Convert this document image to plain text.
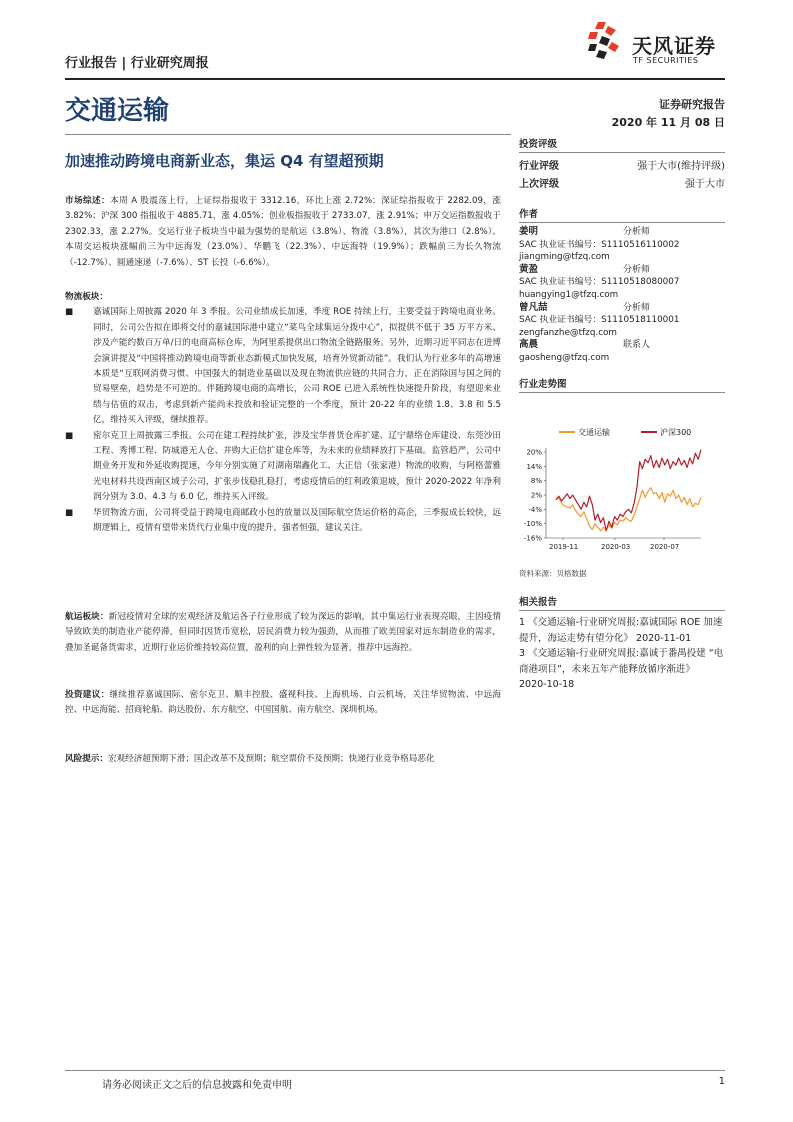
行业报告 | 行业研究周报
天风证券
TF SECURITIES
交通运输	证券研究报告
2020 年 11 月 08 日
加速推动跨境电商新业态，集运 Q4 有望超预期
市场综述：本周 A 股震荡上行，上证综指报收于 3312.16，环比上涨 2.72%；深证综指报收于 2282.09，涨 3.82%；沪深 300 指报收于 4885.71，涨 4.05%；创业板指报收于 2733.07，涨 2.91%；申万交运指数报收于 2302.33，涨 2.27%。交运行业子板块当中最为强势的是航运（3.8%）、物流（3.8%），其次为港口（2.8%）。本周交运板块涨幅前三为中远海发（23.0%）、华鹏飞（22.3%）、中远海特（19.9%）；跌幅前三为长久物流（-12.7%）、圆通速递（-7.6%）、ST 长投（-6.6%）。
物流板块：
■ 嘉诚国际上周披露 2020 年 3 季报。公司业绩成长加速，季度 ROE 持续上行，主要受益于跨境电商业务。同时，公司公告拟在即将交付的嘉诚国际港中建立“菜鸟全球集运分拨中心”，拟提供不低于 35 万平方米、涉及产能约数百万单/日的电商高标仓库，为阿里系提供出口物流全链路服务。另外，近期习近平同志在进博会演讲提及“中国将推动跨境电商等新业态新模式加快发展，培育外贸新动能”。我们认为行业多年的高增速本质是“互联网消费习惯、中国强大的制造业基础以及现在物流供应链的共同合力，正在消除国与国之间的贸易壁垒，趋势是不可逆的。伴随跨境电商的高增长，公司 ROE 已进入系统性快速提升阶段，有望迎来业绩与估值的双击，考虑到新产能尚未投放和验证完整的一个季度，预计 20-22 年的业绩 1.8、3.8 和 5.5 亿，维持买入评级，继续推荐。
■ 密尔克卫上周披露三季报。公司在建工程持续扩张，涉及宝华普货仓库扩建、辽宁鼎络仓库建设、东莞沙田工程、秀博工程、防城港无人仓、并购大正信扩建仓库等，为未来的业绩释放打下基础。监管趋严，公司中期业务开发和外延收购提速，今年分别实施了对湖南瑞鑫化工、大正信（张家港）物流的收购，与阿格蕾雅光电材料共设西南区域子公司，扩张步伐稳扎稳打，考虑疫情后的红利政策退坡，预计 2020-2022 年净利润分别为 3.0、4.3 与 6.0 亿，维持买入评级。
■ 华贸物流方面，公司将受益于跨境电商邮政小包的放量以及国际航空货运价格的高企，三季报成长较快，远期逻辑上，疫情有望带来货代行业集中度的提升，强者恒强，建议关注。
航运板块：新冠疫情对全球的宏观经济及航运各子行业形成了较为深远的影响，其中集运行业表现亮眼，主因疫情导致欧美的制造业产能停滞，但同时因货币宽松，居民消费力较为强劲，从而推了欧美国家对远东制造业的需求，叠加圣诞备货需求，近期行业运价维持较高位置，盈利的向上弹性较为显著，推荐中远海控。
投资建议：继续推荐嘉诚国际、密尔克卫、顺丰控股、盛视科技、上海机场、白云机场，关注华贸物流、中远海控、中远海能、招商轮船、韵达股份、东方航空、中国国航、南方航空、深圳机场。
风险提示：宏观经济超预期下滑；国企改革不及预期；航空票价不及预期；快递行业竞争格局恶化
投资评级
行业评级	强于大市(维持评级)
上次评级	强于大市
作者
姜明	分析师
SAC 执业证书编号：S1110516110002
jiangming@tfzq.com
黄盈	分析师
SAC 执业证书编号：S1110518080007
huangying1@tfzq.com
曾凡喆	分析师
SAC 执业证书编号：S1110518110001
zengfanzhe@tfzq.com
高晨	联系人
gaosheng@tfzq.com
行业走势图
交通运输	沪深300
20%
14%
8%
2%
-4%
-10%
-16%
2019-11	2020-03	2020-07
资料来源：贝格数据
相关报告
1 《交通运输-行业研究周报:嘉诚国际 ROE 加速提升，海运走势有望分化》 2020-11-01
3 《交通运输-行业研究周报:嘉诚于番禺投建 “电商港项目”，未来五年产能释放循序渐进》 2020-10-18
请务必阅读正文之后的信息披露和免责申明	1
